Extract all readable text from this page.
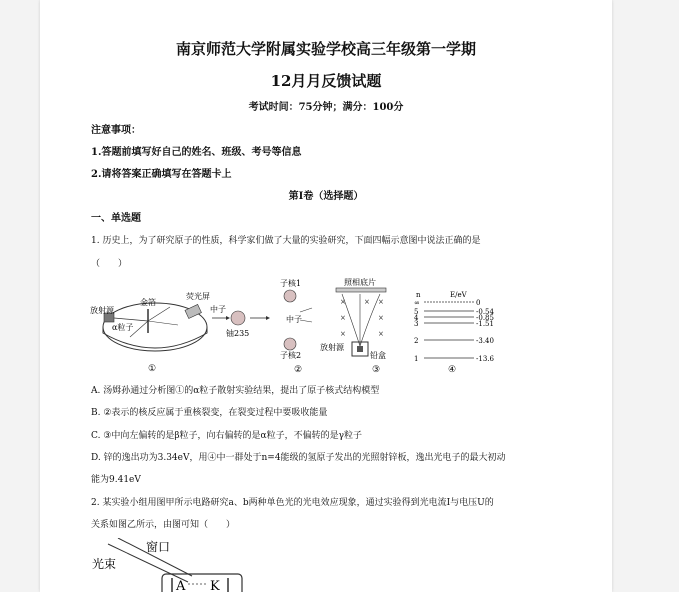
南京师范大学附属实验学校高三年级第一学期
12月月反馈试题
考试时间：75分钟；满分：100分
注意事项：
1.答题前填写好自己的姓名、班级、考号等信息
2.请将答案正确填写在答题卡上
第I卷（选择题）
一、单选题
1. 历史上，为了研究原子的性质，科学家们做了大量的实验研究，下面四幅示意图中说法正确的是
（　　）
放射源
金箔
荧光屏
α粒子
①
中子
铀235
子核1
中子
子核2
②
照相底片
×	× ×
×	×
×	×
放射源
铅盒
③
n	E/eV
∞	0
5	-0.54
4	-0.85
3	-1.51
2	-3.40
1	-13.6
④
A. 汤姆孙通过分析图①的α粒子散射实验结果，提出了原子核式结构模型
B. ②表示的核反应属于重核裂变，在裂变过程中要吸收能量
C. ③中向左偏转的是β粒子，向右偏转的是α粒子，不偏转的是γ粒子
D. 锌的逸出功为3.34eV，用④中一群处于n=4能级的氢原子发出的光照射锌板，逸出光电子的最大初动
能为9.41eV
2. 某实验小组用图甲所示电路研究a、b两种单色光的光电效应现象，通过实验得到光电流I与电压U的
关系如图乙所示，由图可知（　　）
窗口
光束
A K
